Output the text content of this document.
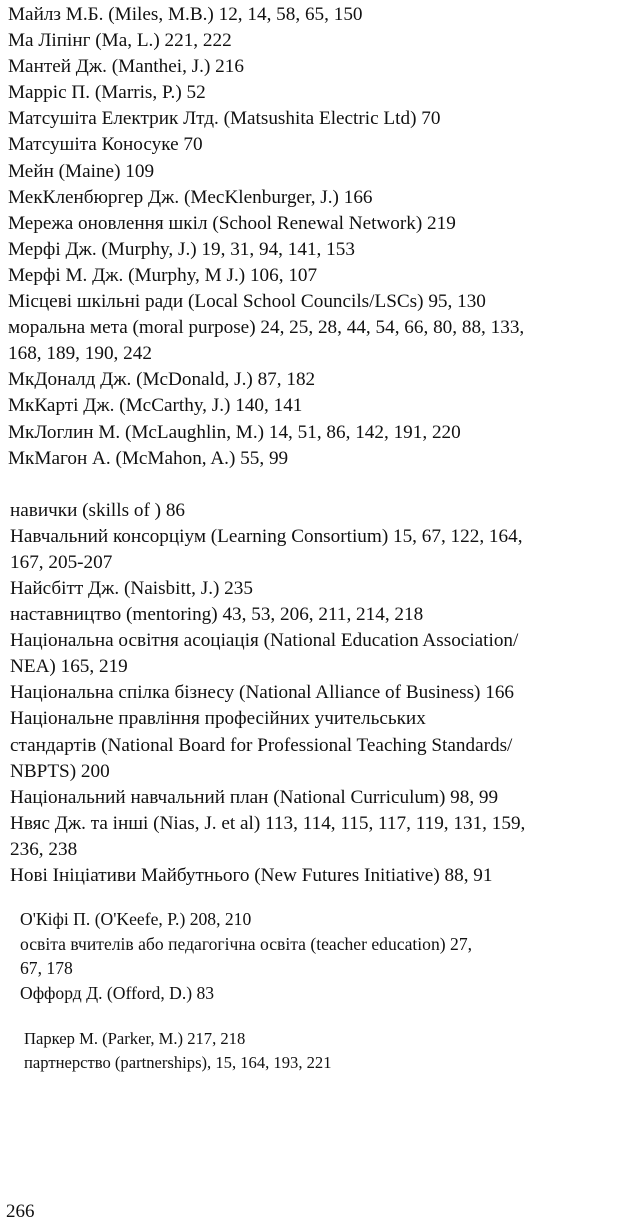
Майлз М.Б. (Miles, M.B.) 12, 14, 58, 65, 150

Ма Ліпінг (Ma, L.) 221, 222

Мантей Дж. (Manthei, J.) 216

Марріс П. (Marris, P.) 52

Матсушіта Електрик Лтд. (Matsushita Electric Ltd) 70

Матсушіта Коносуке 70

Мейн (Maine) 109

МекКленбюргер Дж. (MecKlenburger, J.) 166

Мережа оновлення шкіл (School Renewal Network) 219

Мерфі Дж. (Murphy, J.) 19, 31, 94, 141, 153

Мерфі М. Дж. (Murphy, M J.) 106, 107

Місцеві шкільні ради (Local School Councils/LSCs) 95, 130

моральна мета (moral purpose) 24, 25, 28, 44, 54, 66, 80, 88, 133,

168, 189, 190, 242

МкДоналд Дж. (McDonald, J.) 87, 182

МкКарті Дж. (McCarthy, J.) 140, 141

МкЛоглин М. (McLaughlin, M.) 14, 51, 86, 142, 191, 220

МкМагон А. (McMahon, A.) 55, 99

навички (skills of ) 86

Навчальний консорціум (Learning Consortium) 15, 67, 122, 164,

167, 205-207

Найсбітт Дж. (Naisbitt, J.) 235

наставництво (mentoring) 43, 53, 206, 211, 214, 218

Національна освітня асоціація (National Education Association/

NEA) 165, 219

Національна спілка бізнесу (National Alliance of Business) 166

Національне правління професійних учительських

стандартів (National Board for Professional Teaching Standards/

NBPTS) 200

Національний навчальний план (National Curriculum) 98, 99

Нвяс Дж. та інші (Nias, J. et al) 113, 114, 115, 117, 119, 131, 159,

236, 238

Нові Ініціативи Майбутнього (New Futures Initiative) 88, 91

О'Кіфі П. (O'Keefe, P.) 208, 210

освіта вчителів або педагогічна освіта (teacher education) 27,

67, 178

Оффорд Д. (Offord, D.) 83

Паркер М. (Parker, M.) 217, 218

партнерство (partnerships), 15, 164, 193, 221

266
